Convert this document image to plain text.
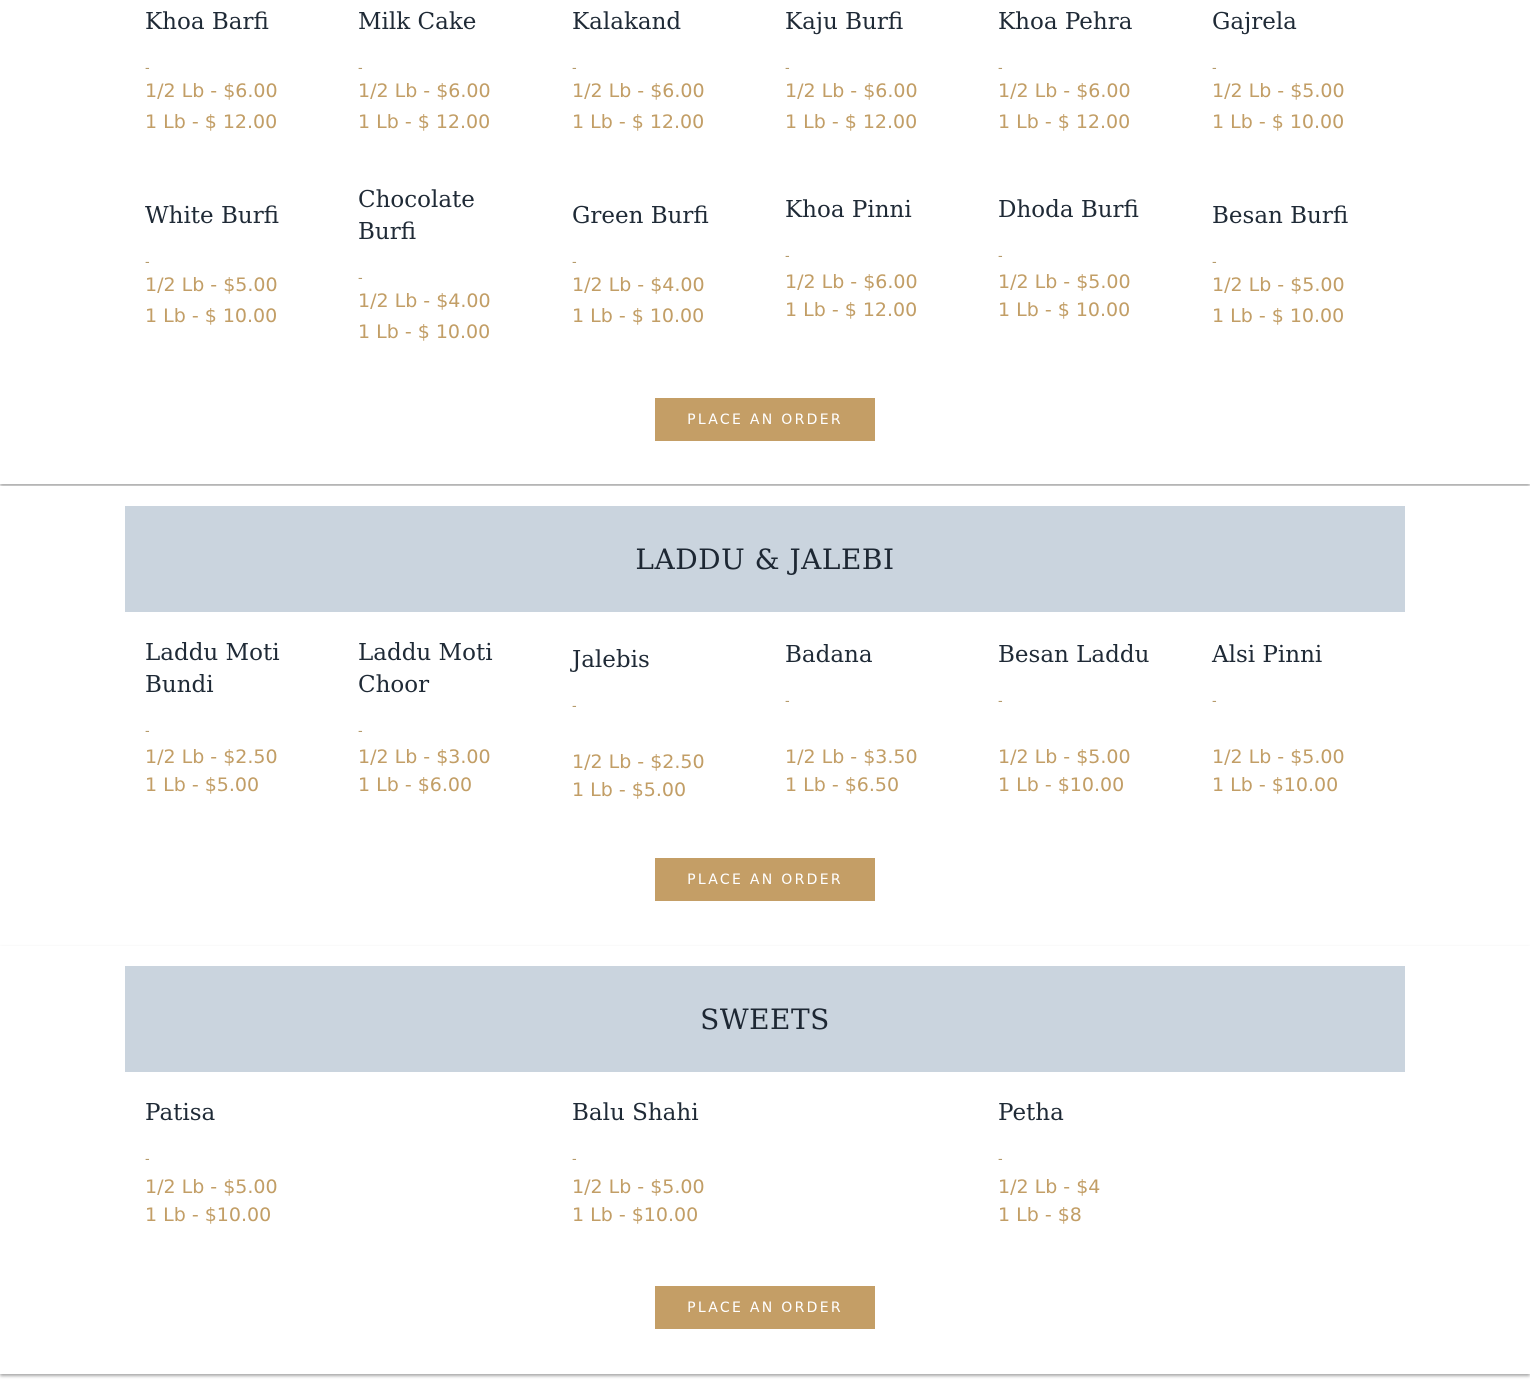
Khoa Barfi

-

1/2 Lb - $6.00

1 Lb - $ 12.00

Milk Cake

-

1/2 Lb - $6.00

1 Lb - $ 12.00

Kalakand

-

1/2 Lb - $6.00

1 Lb - $ 12.00

Kaju Burfi

-

1/2 Lb - $6.00

1 Lb - $ 12.00

Khoa Pehra

-

1/2 Lb - $6.00

1 Lb - $ 12.00

Gajrela

-

1/2 Lb - $5.00

1 Lb - $ 10.00

White Burfi

-

1/2 Lb - $5.00

1 Lb - $ 10.00

Chocolate Burfi

-

1/2 Lb - $4.00

1 Lb - $ 10.00

Green Burfi

-

1/2 Lb - $4.00

1 Lb - $ 10.00

Khoa Pinni

-

1/2 Lb - $6.00

1 Lb - $ 12.00

Dhoda Burfi

-

1/2 Lb - $5.00

1 Lb - $ 10.00

Besan Burfi

-

1/2 Lb - $5.00

1 Lb - $ 10.00

PLACE AN ORDER
LADDU & JALEBI

Laddu Moti Bundi

-

1/2 Lb - $2.50

1 Lb - $5.00

Laddu Moti Choor

-

1/2 Lb - $3.00

1 Lb - $6.00

Jalebis

-

1/2 Lb - $2.50

1 Lb - $5.00

Badana

-

1/2 Lb - $3.50

1 Lb - $6.50

Besan Laddu

-

1/2 Lb - $5.00

1 Lb - $10.00

Alsi Pinni

-

1/2 Lb - $5.00

1 Lb - $10.00

PLACE AN ORDER
SWEETS

Patisa

-

1/2 Lb - $5.00

1 Lb - $10.00

Balu Shahi

-

1/2 Lb - $5.00

1 Lb - $10.00

Petha

-

1/2 Lb - $4

1 Lb - $8

PLACE AN ORDER
